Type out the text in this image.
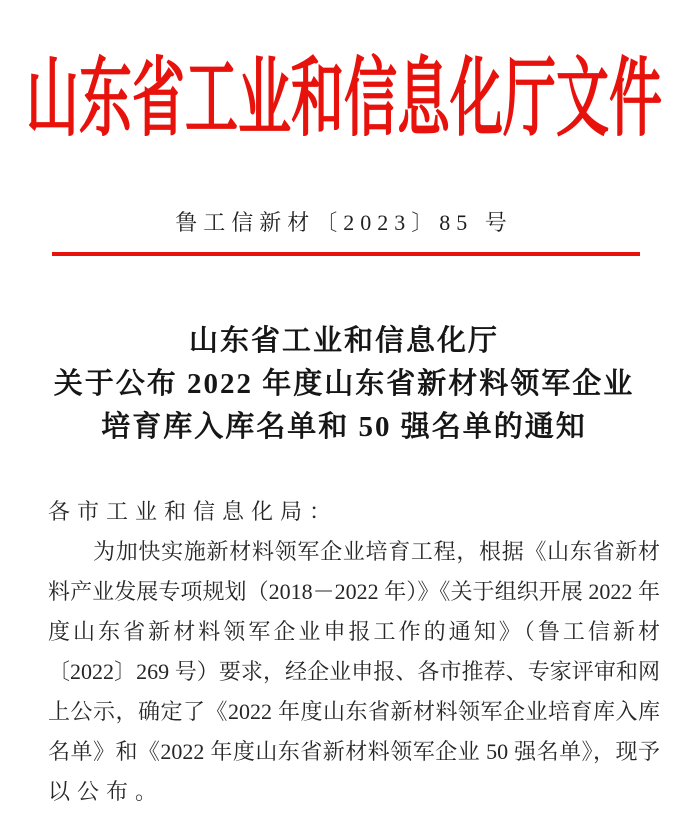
山东省工业和信息化厅文件
鲁工信新材〔2023〕85 号
山东省工业和信息化厅
关于公布 2022 年度山东省新材料领军企业
培育库入库名单和 50 强名单的通知
各市工业和信息化局：
为加快实施新材料领军企业培育工程，根据《山东省新材
料产业发展专项规划（2018－2022 年）》《关于组织开展 2022 年
度山东省新材料领军企业申报工作的通知》（鲁工信新材
〔2022〕269 号）要求，经企业申报、各市推荐、专家评审和网
上公示，确定了《2022 年度山东省新材料领军企业培育库入库
名单》和《2022 年度山东省新材料领军企业 50 强名单》，现予
以公布。
